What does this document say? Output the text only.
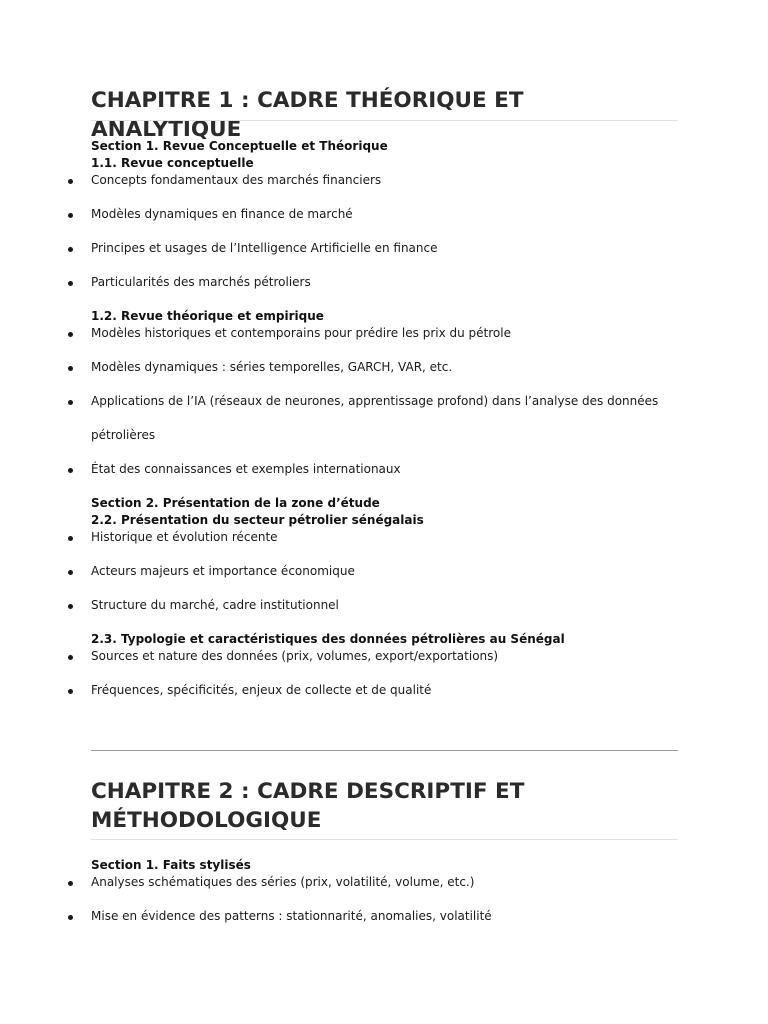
CHAPITRE 1 : CADRE THÉORIQUE ET ANALYTIQUE

Section 1. Revue Conceptuelle et Théorique

1.1. Revue conceptuelle

Concepts fondamentaux des marchés financiers
Modèles dynamiques en finance de marché
Principes et usages de l’Intelligence Artificielle en finance
Particularités des marchés pétroliers

1.2. Revue théorique et empirique

Modèles historiques et contemporains pour prédire les prix du pétrole
Modèles dynamiques : séries temporelles, GARCH, VAR, etc.
Applications de l’IA (réseaux de neurones, apprentissage profond) dans l’analyse des données
pétrolières
État des connaissances et exemples internationaux

Section 2. Présentation de la zone d’étude

2.2. Présentation du secteur pétrolier sénégalais

Historique et évolution récente
Acteurs majeurs et importance économique
Structure du marché, cadre institutionnel

2.3. Typologie et caractéristiques des données pétrolières au Sénégal

Sources et nature des données (prix, volumes, export/exportations)
Fréquences, spécificités, enjeux de collecte et de qualité
CHAPITRE 2 : CADRE DESCRIPTIF ET
MÉTHODOLOGIQUE

Section 1. Faits stylisés

Analyses schématiques des séries (prix, volatilité, volume, etc.)
Mise en évidence des patterns : stationnarité, anomalies, volatilité
